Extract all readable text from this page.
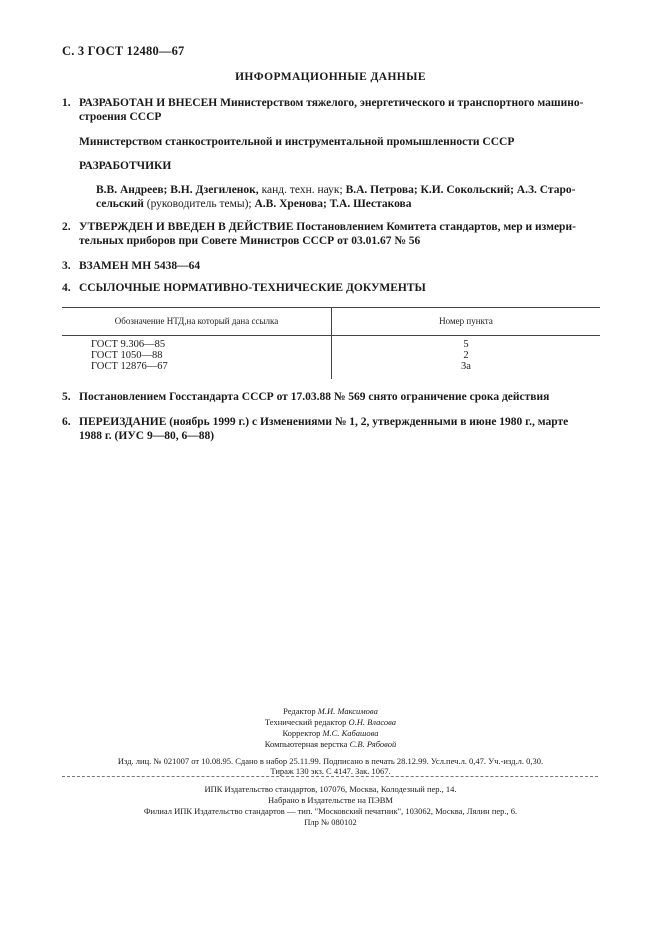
С. 3 ГОСТ 12480—67
ИНФОРМАЦИОННЫЕ ДАННЫЕ
1. РАЗРАБОТАН И ВНЕСЕН Министерством тяжелого, энергетического и транспортного машино-
строения СССР
Министерством станкостроительной и инструментальной промышленности СССР
РАЗРАБОТЧИКИ
В.В. Андреев; В.Н. Дзегиленок, канд. техн. наук; В.А. Петрова; К.И. Сокольский; А.З. Старо-
сельский (руководитель темы); А.В. Хренова; Т.А. Шестакова
2. УТВЕРЖДЕН И ВВЕДЕН В ДЕЙСТВИЕ Постановлением Комитета стандартов, мер и измери-
тельных приборов при Совете Министров СССР от 03.01.67 № 56
3. ВЗАМЕН МН 5438—64
4. ССЫЛОЧНЫЕ НОРМАТИВНО-ТЕХНИЧЕСКИЕ ДОКУМЕНТЫ
Обозначение НТД,на который дана ссылка	Номер пункта
ГОСТ 9.306—85	5
ГОСТ 1050—88	2
ГОСТ 12876—67	3а
5. Постановлением Госстандарта СССР от 17.03.88 № 569 снято ограничение срока действия
6. ПЕРЕИЗДАНИЕ (ноябрь 1999 г.) с Изменениями № 1, 2, утвержденными в июне 1980 г., марте
1988 г. (ИУС 9—80, 6—88)
Редактор М.И. Максимова
Технический редактор О.Н. Власова
Корректор М.С. Кабашова
Компьютерная верстка С.В. Рябовой
Изд. лиц. № 021007 от 10.08.95. Сдано в набор 25.11.99. Подписано в печать 28.12.99. Усл.печ.л. 0,47. Уч.-изд.л. 0,30.
Тираж 130 экз. С 4147. Зак. 1067.
ИПК Издательство стандартов, 107076, Москва, Колодезный пер., 14.
Набрано в Издательстве на ПЭВМ
Филиал ИПК Издательство стандартов — тип. "Московский печатник", 103062, Москва, Лялин пер., 6.
Плр № 080102
